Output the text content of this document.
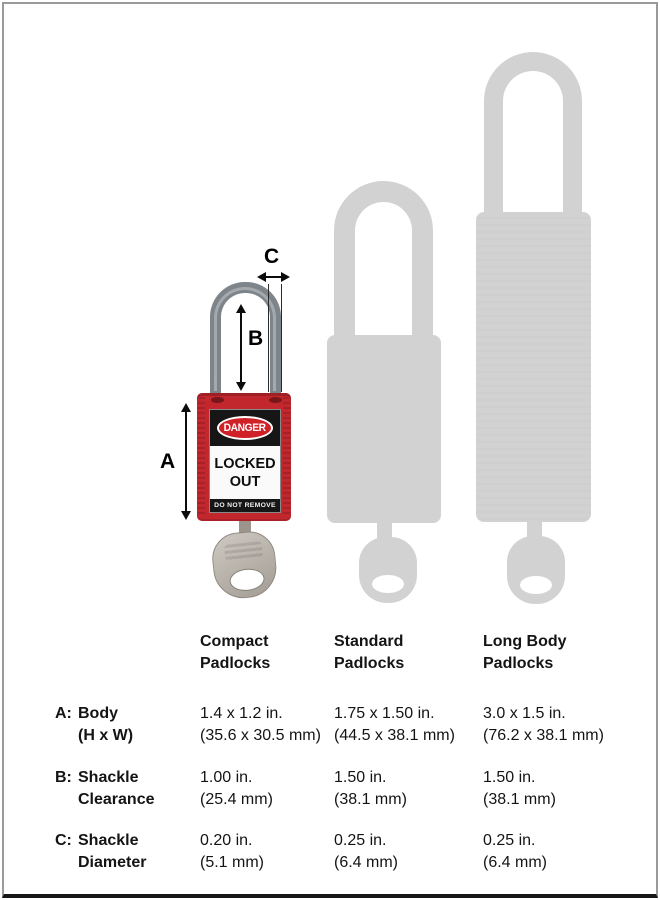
DANGER
LOCKED
OUT
DO NOT REMOVE
A
B
C
Compact
Padlocks
Standard
Padlocks
Long Body
Padlocks
A: Body
(H x W)
1.4 x 1.2 in.
(35.6 x 30.5 mm)
1.75 x 1.50 in.
(44.5 x 38.1 mm)
3.0 x 1.5 in.
(76.2 x 38.1 mm)
B: Shackle
Clearance
1.00 in.
(25.4 mm)
1.50 in.
(38.1 mm)
1.50 in.
(38.1 mm)
C: Shackle
Diameter
0.20 in.
(5.1 mm)
0.25 in.
(6.4 mm)
0.25 in.
(6.4 mm)
